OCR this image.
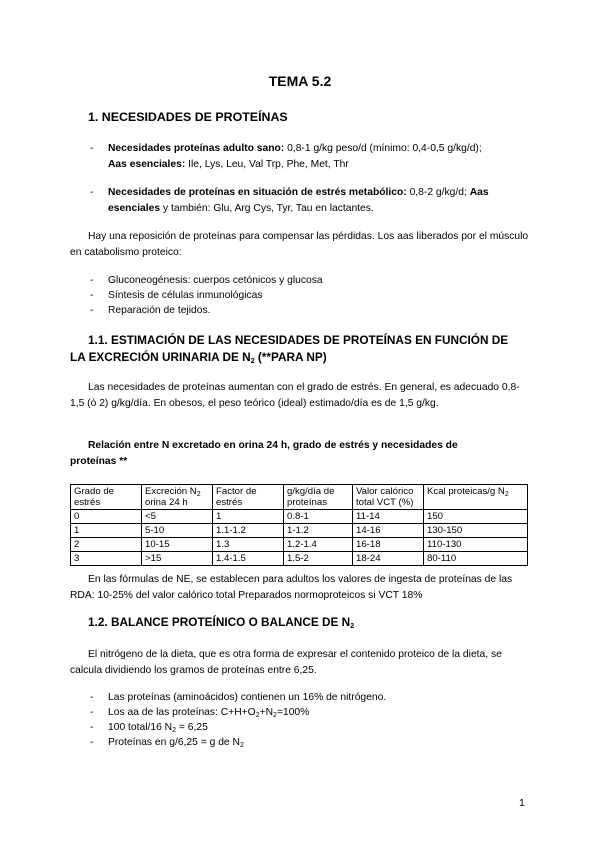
TEMA 5.2
1. NECESIDADES DE PROTEÍNAS
- Necesidades proteínas adulto sano: 0,8-1 g/kg peso/d (mínimo: 0,4-0,5 g/kg/d);
Aas esenciales: Ile, Lys, Leu, Val Trp, Phe, Met, Thr
- Necesidades de proteínas en situación de estrés metabólico: 0,8-2 g/kg/d; Aas
esenciales y también: Glu, Arg Cys, Tyr, Tau en lactantes.
Hay una reposición de proteínas para compensar las pérdidas. Los aas liberados por el músculo en catabolismo proteico:
- Gluconeogénesis: cuerpos cetónicos y glucosa
- Síntesis de células inmunológicas
- Reparación de tejidos.
1.1. ESTIMACIÓN DE LAS NECESIDADES DE PROTEÍNAS EN FUNCIÓN DE
LA EXCRECIÓN URINARIA DE $N_2$ (**PARA NP)
Las necesidades de proteínas aumentan con el grado de estrés. En general, es adecuado 0,8-1,5 (ó 2) g/kg/día. En obesos, el peso teórico (ideal) estimado/día es de 1,5 g/kg.
Relación entre N excretado en orina 24 h, grado de estrés y necesidades de
proteínas **
Grado de estrés	Excreción $N_2$
orina 24 h	Factor de estrés	g/kg/día de proteínas	Valor calórico total VCT (%)	Kcal proteicas/g $N_2$
0	<5	1	0.8-1	11-14	150
1	5-10	1.1-1.2	1-1.2	14-16	130-150
2	10-15	1.3	1.2-1.4	16-18	110-130
3	>15	1.4-1.5	1.5-2	18-24	80-110
En las fórmulas de NE, se establecen para adultos los valores de ingesta de proteínas de las RDA: 10-25% del valor calórico total Preparados normoproteicos si VCT 18%
1.2. BALANCE PROTEÍNICO O BALANCE DE $N_2$
El nitrógeno de la dieta, que es otra forma de expresar el contenido proteico de la dieta, se calcula dividiendo los gramos de proteínas entre 6,25.
- Las proteínas (aminoácidos) contienen un 16% de nitrógeno.
- Los aa de las proteínas: $C+H+O_2+N_2=100\%$
- 100 total/16 $N_2 = 6,25$
- Proteínas en g/6,25 = g de $N_2$
1
